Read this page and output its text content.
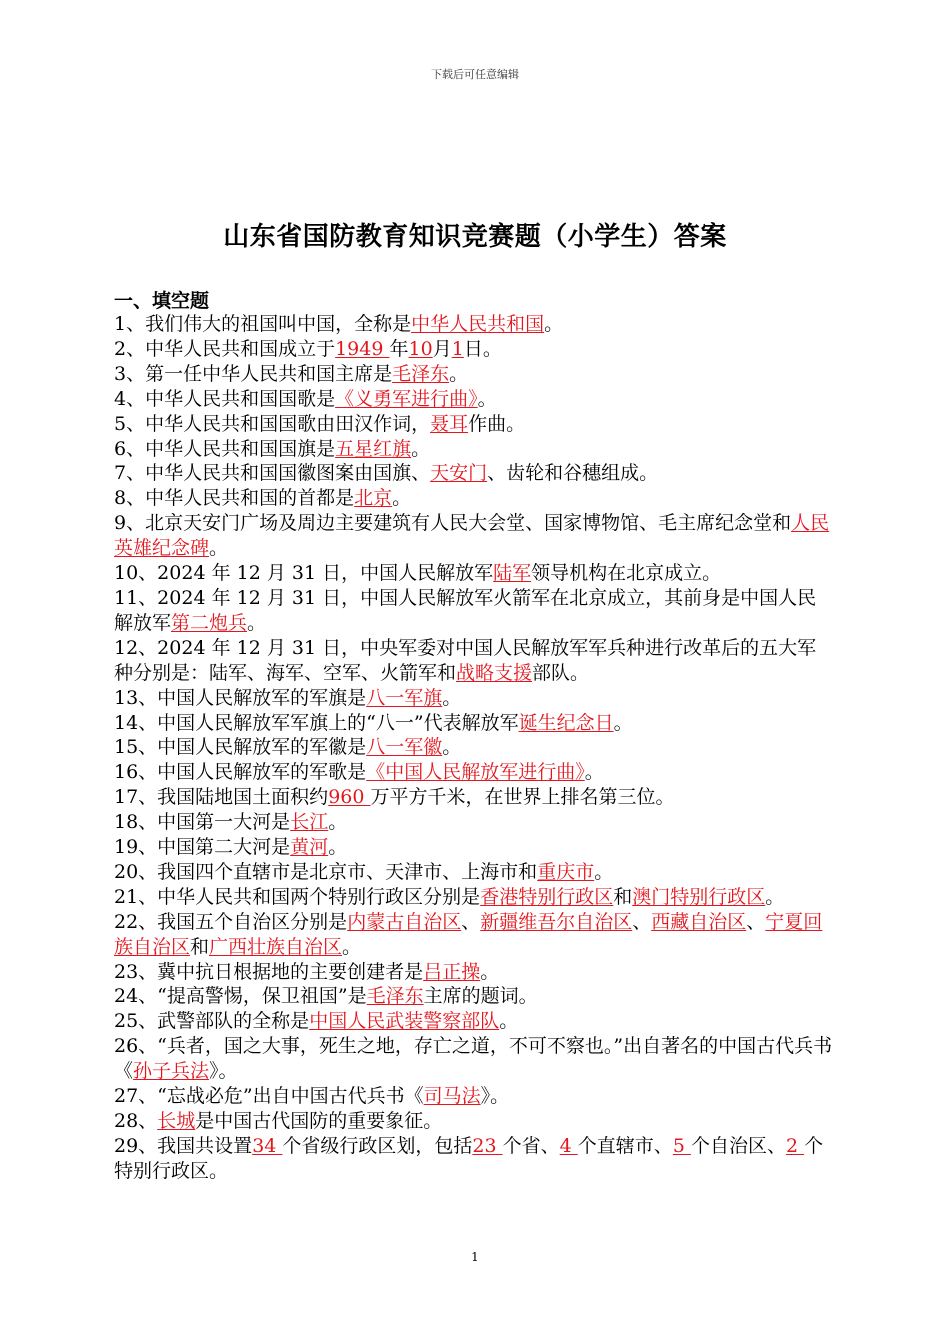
下载后可任意编辑
山东省国防教育知识竞赛题（小学生）答案
一、填空题

1、我们伟大的祖国叫中国，全称是中华人民共和国。

2、中华人民共和国成立于1949 年10月1日。

3、第一任中华人民共和国主席是毛泽东。

4、中华人民共和国国歌是《义勇军进行曲》。

5、中华人民共和国国歌由田汉作词，聂耳作曲。

6、中华人民共和国国旗是五星红旗。

7、中华人民共和国国徽图案由国旗、天安门、齿轮和谷穗组成。

8、中华人民共和国的首都是北京。

9、北京天安门广场及周边主要建筑有人民大会堂、国家博物馆、毛主席纪念堂和人民英雄纪念碑。

10、2024 年 12 月 31 日，中国人民解放军陆军领导机构在北京成立。

11、2024 年 12 月 31 日，中国人民解放军火箭军在北京成立，其前身是中国人民解放军第二炮兵。

12、2024 年 12 月 31 日，中央军委对中国人民解放军军兵种进行改革后的五大军种分别是：陆军、海军、空军、火箭军和战略支援部队。

13、中国人民解放军的军旗是八一军旗。

14、中国人民解放军军旗上的“八一”代表解放军诞生纪念日。

15、中国人民解放军的军徽是八一军徽。

16、中国人民解放军的军歌是《中国人民解放军进行曲》。

17、我国陆地国土面积约960 万平方千米，在世界上排名第三位。

18、中国第一大河是长江。

19、中国第二大河是黄河。

20、我国四个直辖市是北京市、天津市、上海市和重庆市。

21、中华人民共和国两个特别行政区分别是香港特别行政区和澳门特别行政区。

22、我国五个自治区分别是内蒙古自治区、新疆维吾尔自治区、西藏自治区、宁夏回族自治区和广西壮族自治区。

23、冀中抗日根据地的主要创建者是吕正操。

24、“提高警惕，保卫祖国”是毛泽东主席的题词。

25、武警部队的全称是中国人民武装警察部队。

26、“兵者，国之大事，死生之地，存亡之道，不可不察也。”出自著名的中国古代兵书《孙子兵法》。

27、“忘战必危”出自中国古代兵书《司马法》。

28、长城是中国古代国防的重要象征。

29、我国共设置34 个省级行政区划，包括23 个省、4 个直辖市、5 个自治区、2 个特别行政区。

1
